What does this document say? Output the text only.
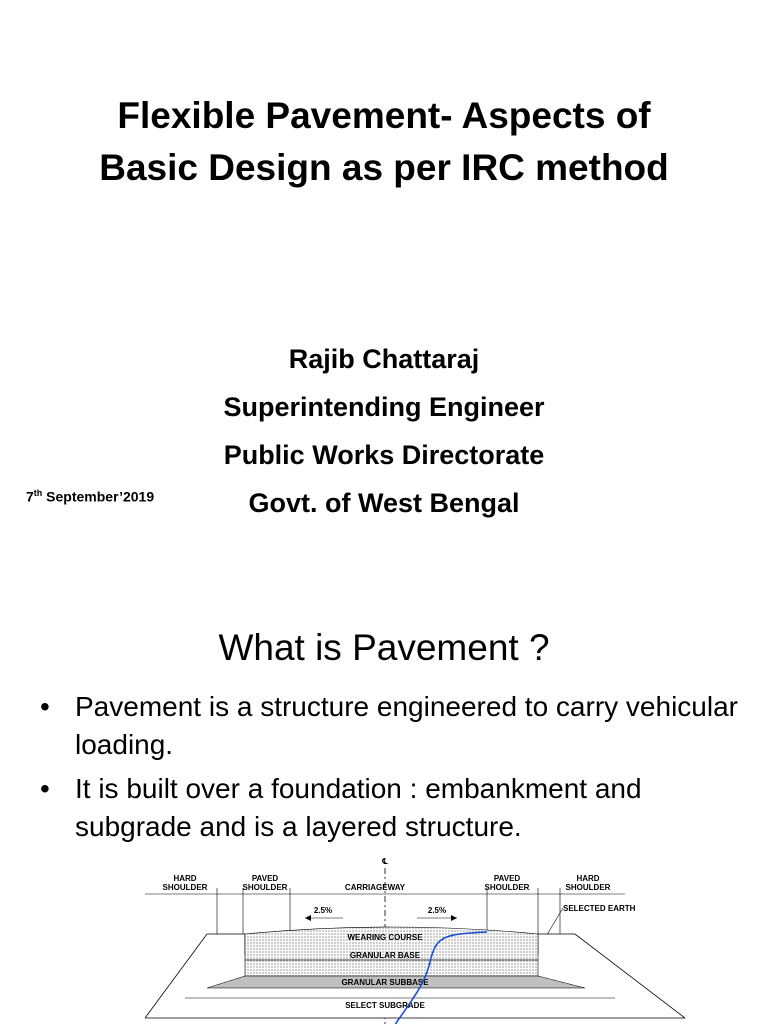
Flexible Pavement- Aspects of
Basic Design as per IRC method
Rajib Chattaraj
Superintending Engineer
Public Works Directorate
Govt. of West Bengal
7th September’2019
What is Pavement ?
• Pavement is a structure engineered to carry vehicular loading.
• It is built over a foundation : embankment and subgrade and is a layered structure.
℄
HARD
SHOULDER
PAVED
SHOULDER	CARRIAGEWAY
PAVED
SHOULDER
HARD
SHOULDER
2.5%	2.5%	SELECTED EARTH
WEARING COURSE
GRANULAR BASE
GRANULAR SUBBASE
SELECT SUBGRADE
